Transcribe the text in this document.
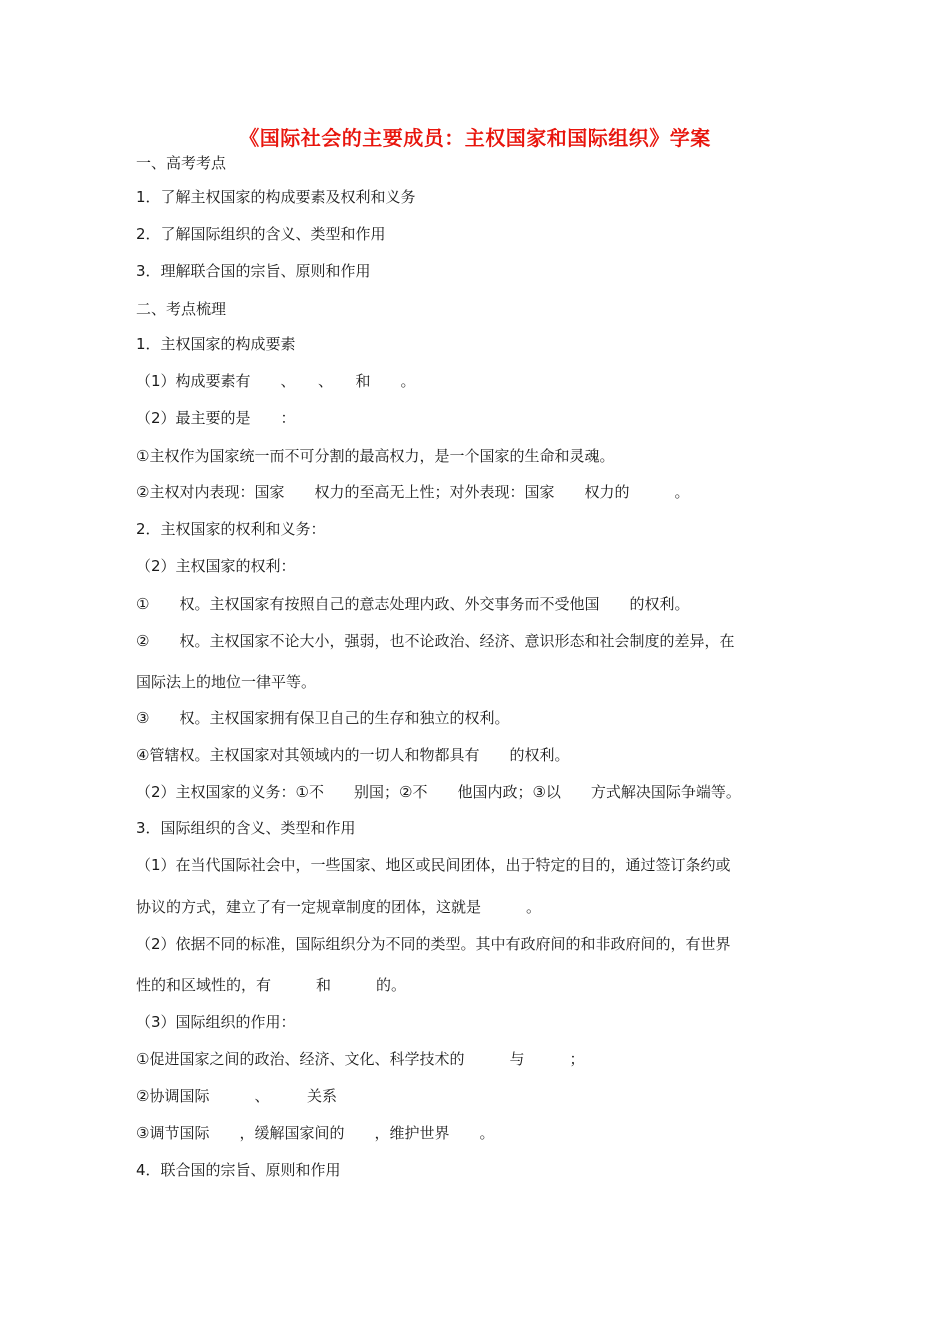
《国际社会的主要成员：主权国家和国际组织》学案
一、高考考点
1．了解主权国家的构成要素及权利和义务
2．了解国际组织的含义、类型和作用
3．理解联合国的宗旨、原则和作用
二、考点梳理
1．主权国家的构成要素
（1）构成要素有　　、　　、　　和　　。
（2）最主要的是　　：
①主权作为国家统一而不可分割的最高权力，是一个国家的生命和灵魂。
②主权对内表现：国家　　权力的至高无上性；对外表现：国家　　权力的　　　。
2．主权国家的权利和义务：
（2）主权国家的权利：
①　　权。主权国家有按照自己的意志处理内政、外交事务而不受他国　　的权利。
②　　权。主权国家不论大小，强弱，也不论政治、经济、意识形态和社会制度的差异，在
国际法上的地位一律平等。
③　　权。主权国家拥有保卫自己的生存和独立的权利。
④管辖权。主权国家对其领域内的一切人和物都具有　　的权利。
（2）主权国家的义务：①不　　别国；②不　　他国内政；③以　　方式解决国际争端等。
3．国际组织的含义、类型和作用
（1）在当代国际社会中，一些国家、地区或民间团体，出于特定的目的，通过签订条约或
协议的方式，建立了有一定规章制度的团体，这就是　　　。
（2）依据不同的标准，国际组织分为不同的类型。其中有政府间的和非政府间的，有世界
性的和区域性的，有　　　和　　　的。
（3）国际组织的作用：
①促进国家之间的政治、经济、文化、科学技术的　　　与　　　；
②协调国际　　　、　　　关系
③调节国际　　，缓解国家间的　　，维护世界　　。
4．联合国的宗旨、原则和作用
